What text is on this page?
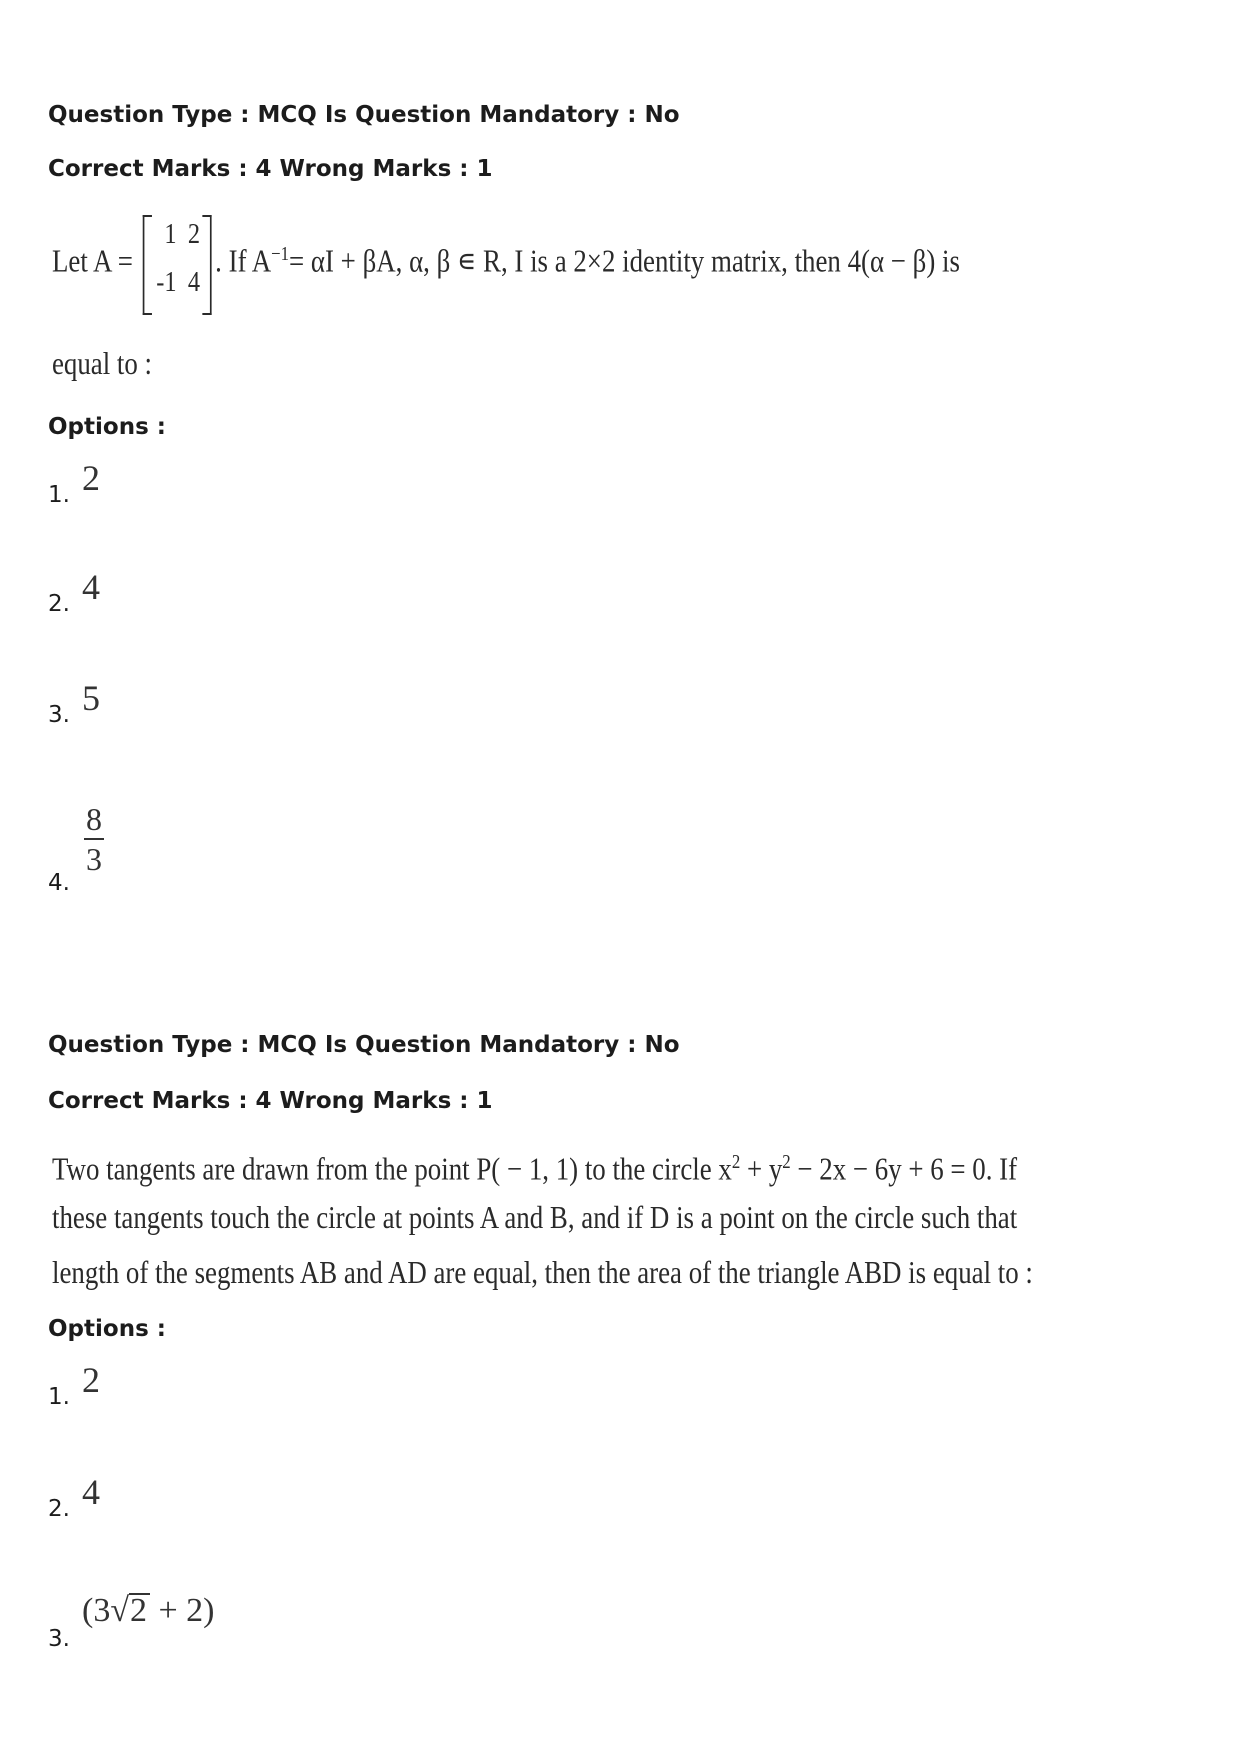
Question Type : MCQ Is Question Mandatory : No
Correct Marks : 4 Wrong Marks : 1
Let A =
1 2
-1 4
. If $A^{-1}= \alpha I + \beta A$, α, β ∊ R, I is a 2×2 identity matrix, then 4(α − β) is
equal to :
Options :
1. 2
2. 4
3. 5
4.
$\frac{8}{3}$
Question Type : MCQ Is Question Mandatory : No
Correct Marks : 4 Wrong Marks : 1
Two tangents are drawn from the point P( − 1, 1) to the circle $x^2 + y^2 - 2x - 6y + 6 = 0$. If
these tangents touch the circle at points A and B, and if D is a point on the circle such that
length of the segments AB and AD are equal, then the area of the triangle ABD is equal to :
Options :
1. 2
2. 4
3.
(3√2 + 2)
